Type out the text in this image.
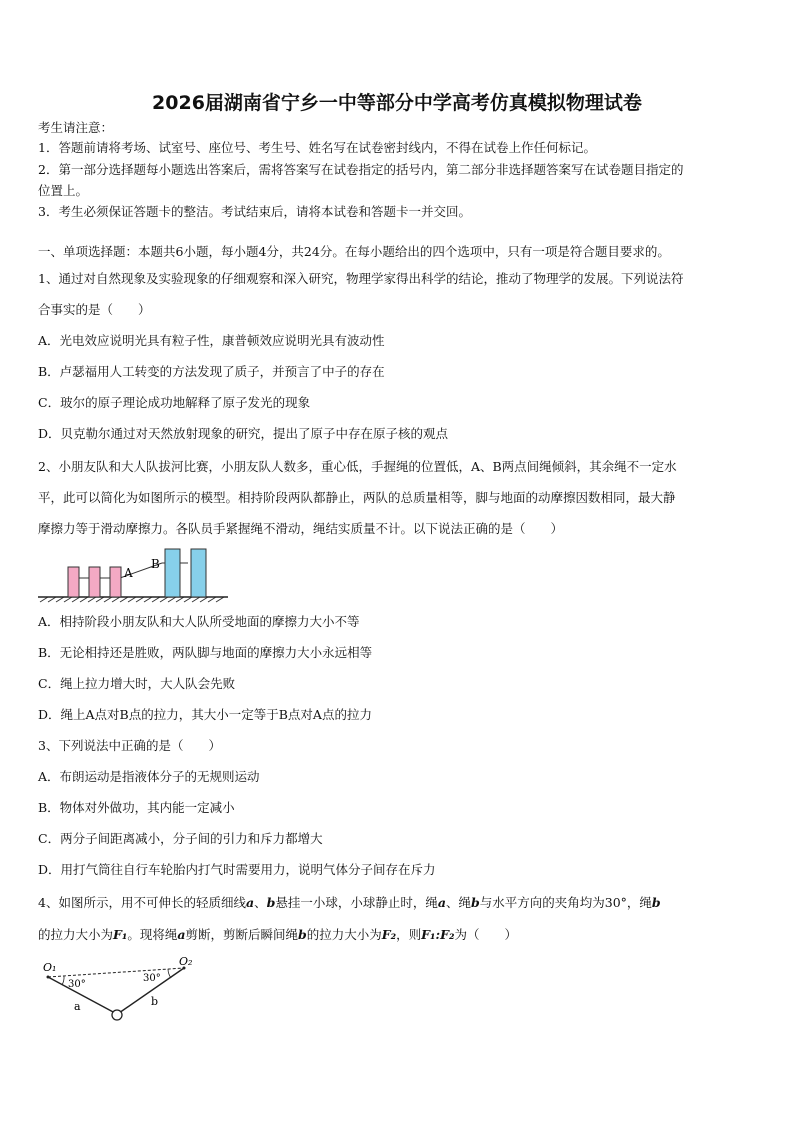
2026届湖南省宁乡一中等部分中学高考仿真模拟物理试卷
考生请注意：
1．答题前请将考场、试室号、座位号、考生号、姓名写在试卷密封线内，不得在试卷上作任何标记。
2．第一部分选择题每小题选出答案后，需将答案写在试卷指定的括号内，第二部分非选择题答案写在试卷题目指定的
位置上。
3．考生必须保证答题卡的整洁。考试结束后，请将本试卷和答题卡一并交回。
一、单项选择题：本题共6小题，每小题4分，共24分。在每小题给出的四个选项中，只有一项是符合题目要求的。
1、通过对自然现象及实验现象的仔细观察和深入研究，物理学家得出科学的结论，推动了物理学的发展。下列说法符
合事实的是（　　）
A．光电效应说明光具有粒子性，康普顿效应说明光具有波动性
B．卢瑟福用人工转变的方法发现了质子，并预言了中子的存在
C．玻尔的原子理论成功地解释了原子发光的现象
D．贝克勒尔通过对天然放射现象的研究，提出了原子中存在原子核的观点
2、小朋友队和大人队拔河比赛，小朋友队人数多，重心低，手握绳的位置低，A、B两点间绳倾斜，其余绳不一定水
平，此可以简化为如图所示的模型。相持阶段两队都静止，两队的总质量相等，脚与地面的动摩擦因数相同，最大静
摩擦力等于滑动摩擦力。各队员手紧握绳不滑动，绳结实质量不计。以下说法正确的是（　　）
A
B
A．相持阶段小朋友队和大人队所受地面的摩擦力大小不等
B．无论相持还是胜败，两队脚与地面的摩擦力大小永远相等
C．绳上拉力增大时，大人队会先败
D．绳上A点对B点的拉力，其大小一定等于B点对A点的拉力
3、下列说法中正确的是（　　）
A．布朗运动是指液体分子的无规则运动
B．物体对外做功，其内能一定减小
C．两分子间距离减小，分子间的引力和斥力都增大
D．用打气筒往自行车轮胎内打气时需要用力，说明气体分子间存在斥力
4、如图所示，用不可伸长的轻质细线a、b悬挂一小球，小球静止时，绳a、绳b与水平方向的夹角均为30°，绳b
的拉力大小为F₁。现将绳a剪断，剪断后瞬间绳b的拉力大小为F₂，则F₁:F₂为（　　）
O₁	O₂
30°
30°
a	b
